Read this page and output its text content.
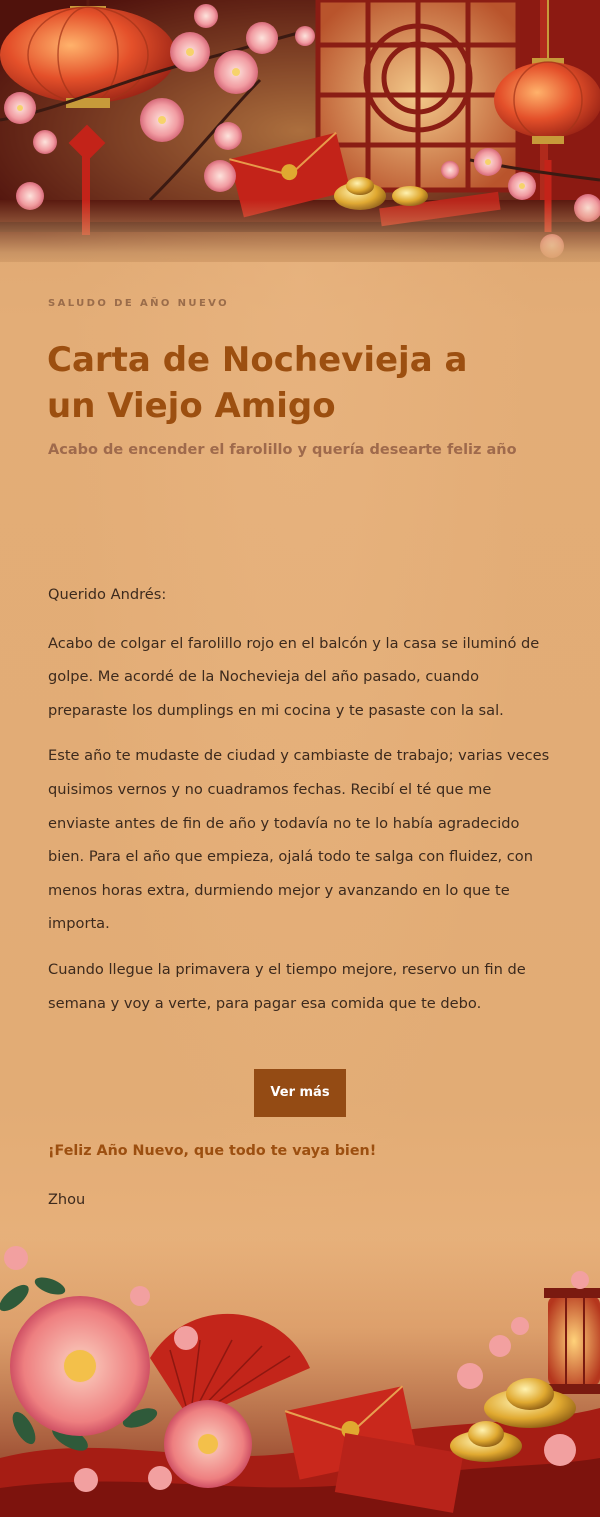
SALUDO DE AÑO NUEVO
Carta de Nochevieja a un Viejo Amigo
Acabo de encender el farolillo y quería desearte feliz año

Querido Andrés:

Acabo de colgar el farolillo rojo en el balcón y la casa se iluminó de golpe. Me acordé de la Nochevieja del año pasado, cuando preparaste los dumplings en mi cocina y te pasaste con la sal.

Este año te mudaste de ciudad y cambiaste de trabajo; varias veces quisimos vernos y no cuadramos fechas. Recibí el té que me enviaste antes de fin de año y todavía no te lo había agradecido bien. Para el año que empieza, ojalá todo te salga con fluidez, con menos horas extra, durmiendo mejor y avanzando en lo que te importa.

Cuando llegue la primavera y el tiempo mejore, reservo un fin de semana y voy a verte, para pagar esa comida que te debo.

Ver más
¡Feliz Año Nuevo, que todo te vaya bien!
Zhou
